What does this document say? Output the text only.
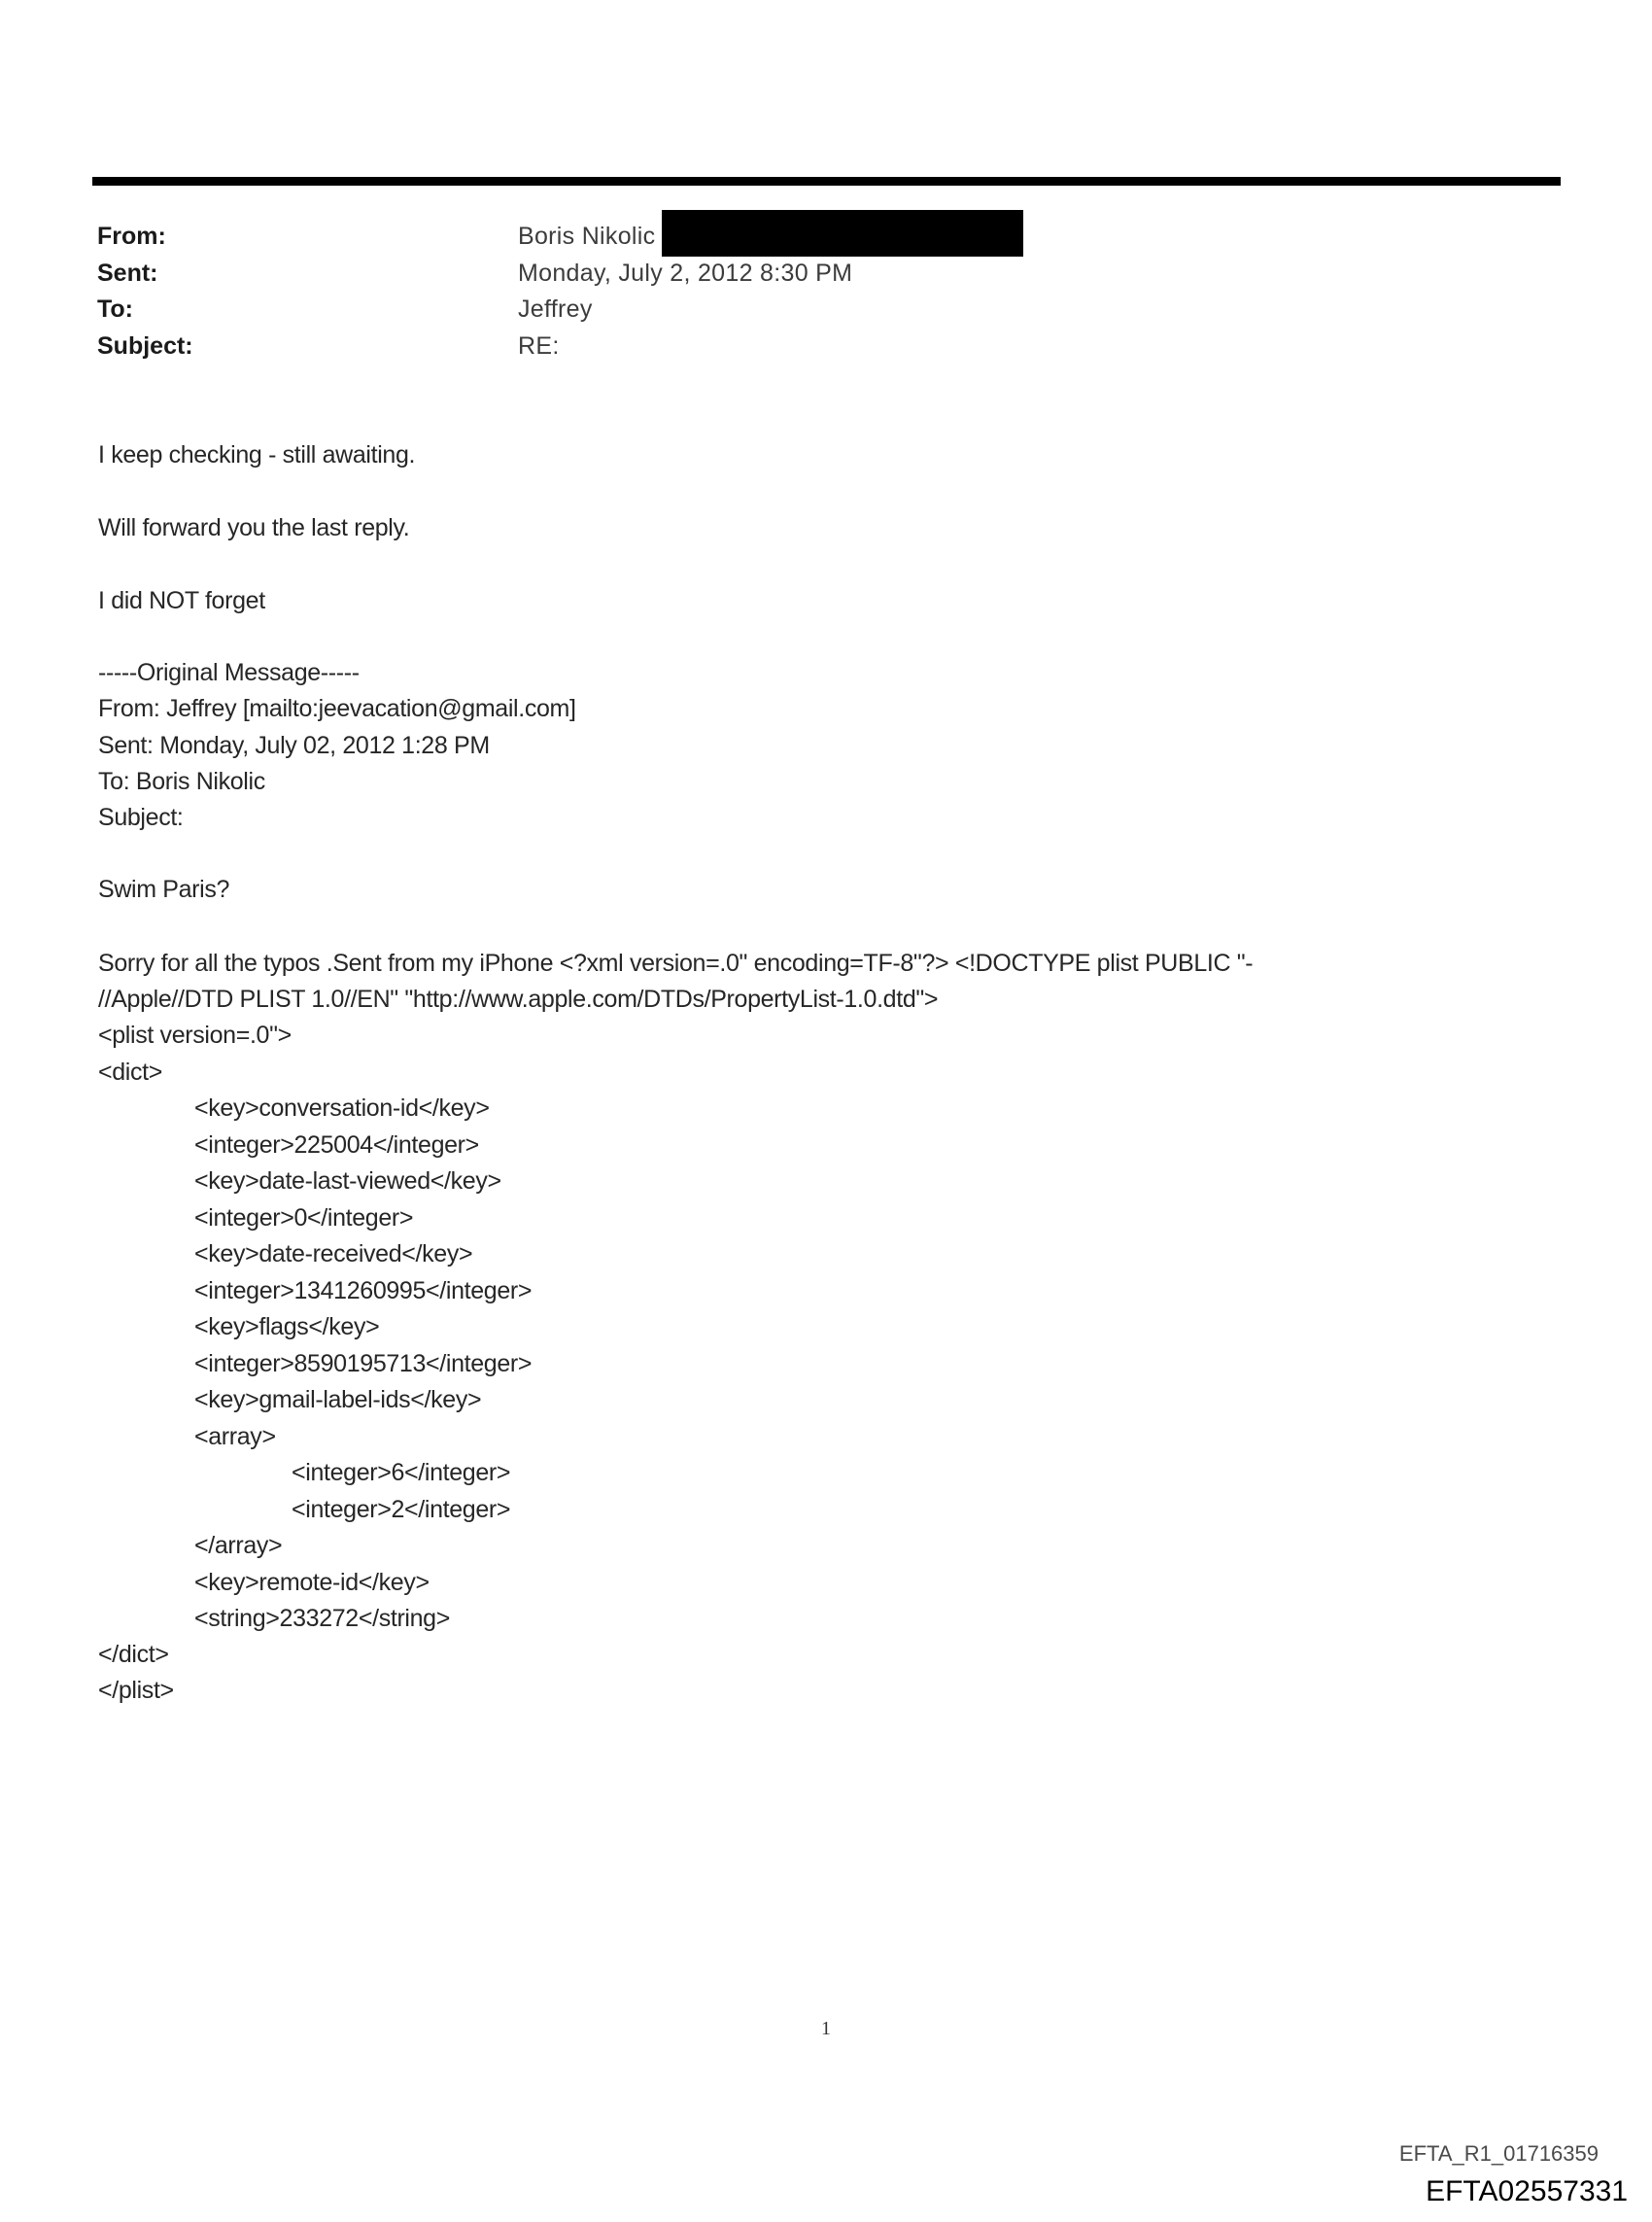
From:	Boris Nikolic
Sent:	Monday, July 2, 2012 8:30 PM
To:	Jeffrey
Subject:	RE:
I keep checking - still awaiting.
Will forward you the last reply.
I did NOT forget
-----Original Message-----
From: Jeffrey [mailto:jeevacation@gmail.com]
Sent: Monday, July 02, 2012 1:28 PM
To: Boris Nikolic
Subject:
Swim Paris?
Sorry for all the typos .Sent from my iPhone <?xml version=.0" encoding=TF-8"?> <!DOCTYPE plist PUBLIC "-
//Apple//DTD PLIST 1.0//EN" "http://www.apple.com/DTDs/PropertyList-1.0.dtd">
<plist version=.0">
<dict>
<key>conversation-id</key>
<integer>225004</integer>
<key>date-last-viewed</key>
<integer>0</integer>
<key>date-received</key>
<integer>1341260995</integer>
<key>flags</key>
<integer>8590195713</integer>
<key>gmail-label-ids</key>
<array>
<integer>6</integer>
<integer>2</integer>
</array>
<key>remote-id</key>
<string>233272</string>
</dict>
</plist>
1
EFTA_R1_01716359
EFTA02557331
